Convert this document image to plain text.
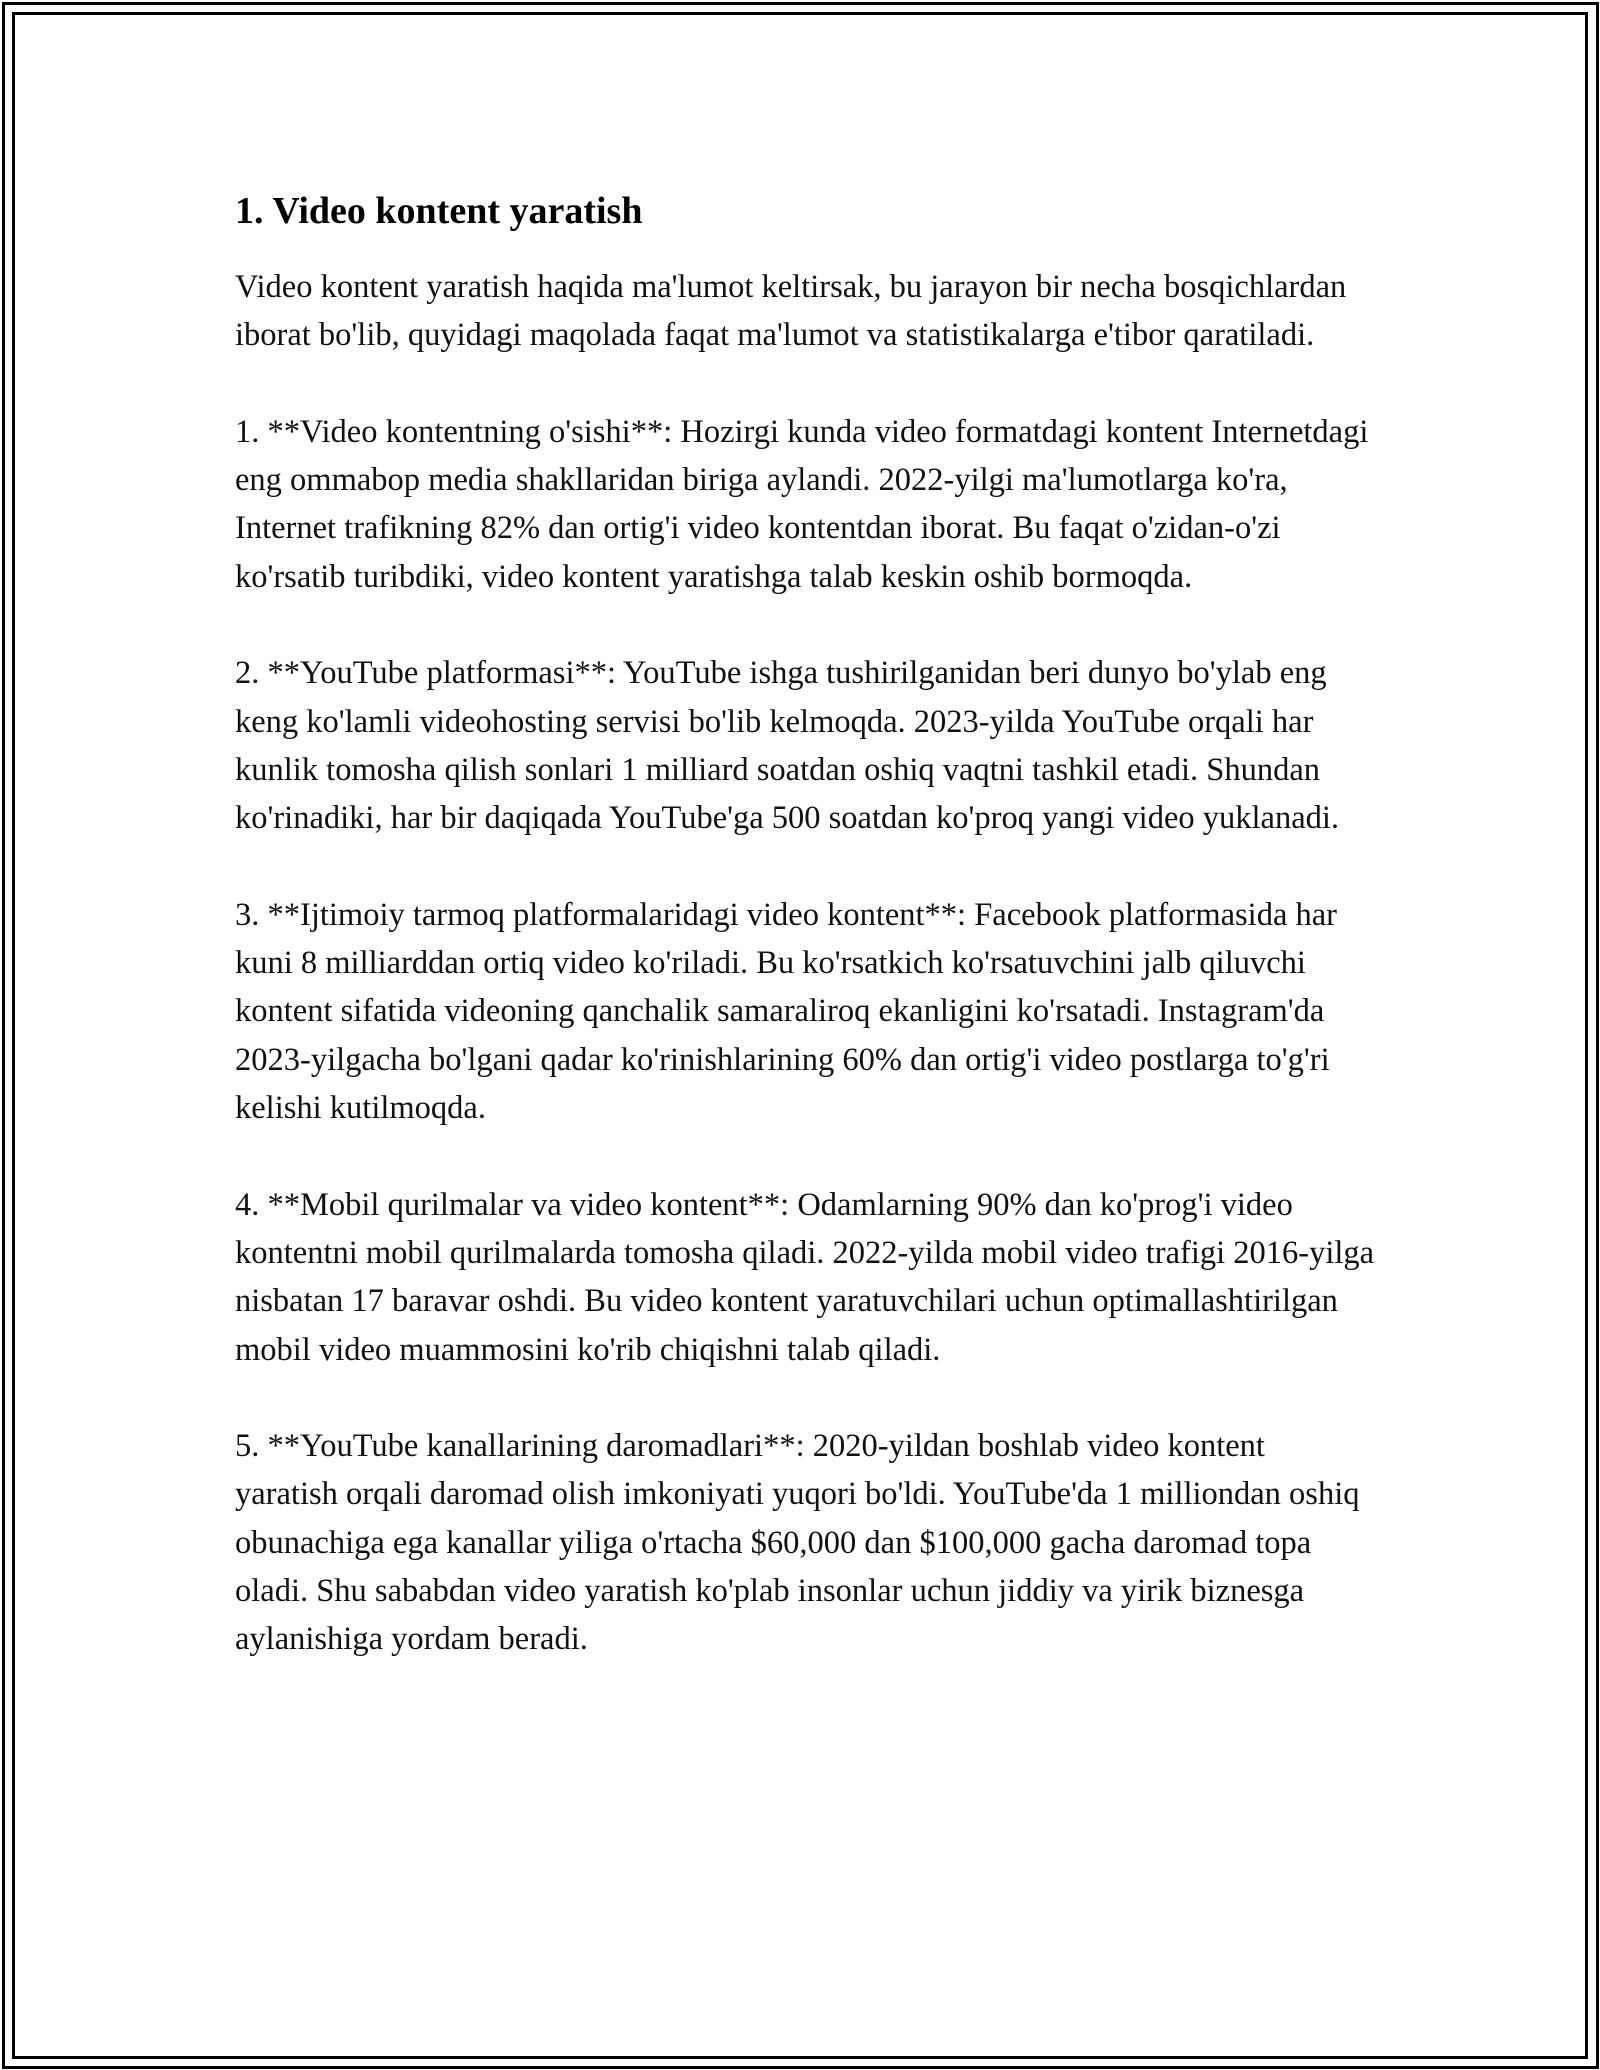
1. Video kontent yaratish

Video kontent yaratish haqida ma'lumot keltirsak, bu jarayon bir necha bosqichlardan iborat bo'lib, quyidagi maqolada faqat ma'lumot va statistikalarga e'tibor qaratiladi.

1. **Video kontentning o'sishi**: Hozirgi kunda video formatdagi kontent Internetdagi eng ommabop media shakllaridan biriga aylandi. 2022-yilgi ma'lumotlarga ko'ra, Internet trafikning 82% dan ortig'i video kontentdan iborat. Bu faqat o'zidan-o'zi ko'rsatib turibdiki, video kontent yaratishga talab keskin oshib bormoqda.

2. **YouTube platformasi**: YouTube ishga tushirilganidan beri dunyo bo'ylab eng keng ko'lamli videohosting servisi bo'lib kelmoqda. 2023-yilda YouTube orqali har kunlik tomosha qilish sonlari 1 milliard soatdan oshiq vaqtni tashkil etadi. Shundan ko'rinadiki, har bir daqiqada YouTube'ga 500 soatdan ko'proq yangi video yuklanadi.

3. **Ijtimoiy tarmoq platformalaridagi video kontent**: Facebook platformasida har kuni 8 milliarddan ortiq video ko'riladi. Bu ko'rsatkich ko'rsatuvchini jalb qiluvchi kontent sifatida videoning qanchalik samaraliroq ekanligini ko'rsatadi. Instagram'da 2023-yilgacha bo'lgani qadar ko'rinishlarining 60% dan ortig'i video postlarga to'g'ri kelishi kutilmoqda.

4. **Mobil qurilmalar va video kontent**: Odamlarning 90% dan ko'prog'i video kontentni mobil qurilmalarda tomosha qiladi. 2022-yilda mobil video trafigi 2016-yilga nisbatan 17 baravar oshdi. Bu video kontent yaratuvchilari uchun optimallashtirilgan mobil video muammosini ko'rib chiqishni talab qiladi.

5. **YouTube kanallarining daromadlari**: 2020-yildan boshlab video kontent yaratish orqali daromad olish imkoniyati yuqori bo'ldi. YouTube'da 1 milliondan oshiq obunachiga ega kanallar yiliga o'rtacha $60,000 dan $100,000 gacha daromad topa oladi. Shu sababdan video yaratish ko'plab insonlar uchun jiddiy va yirik biznesga aylanishiga yordam beradi.
